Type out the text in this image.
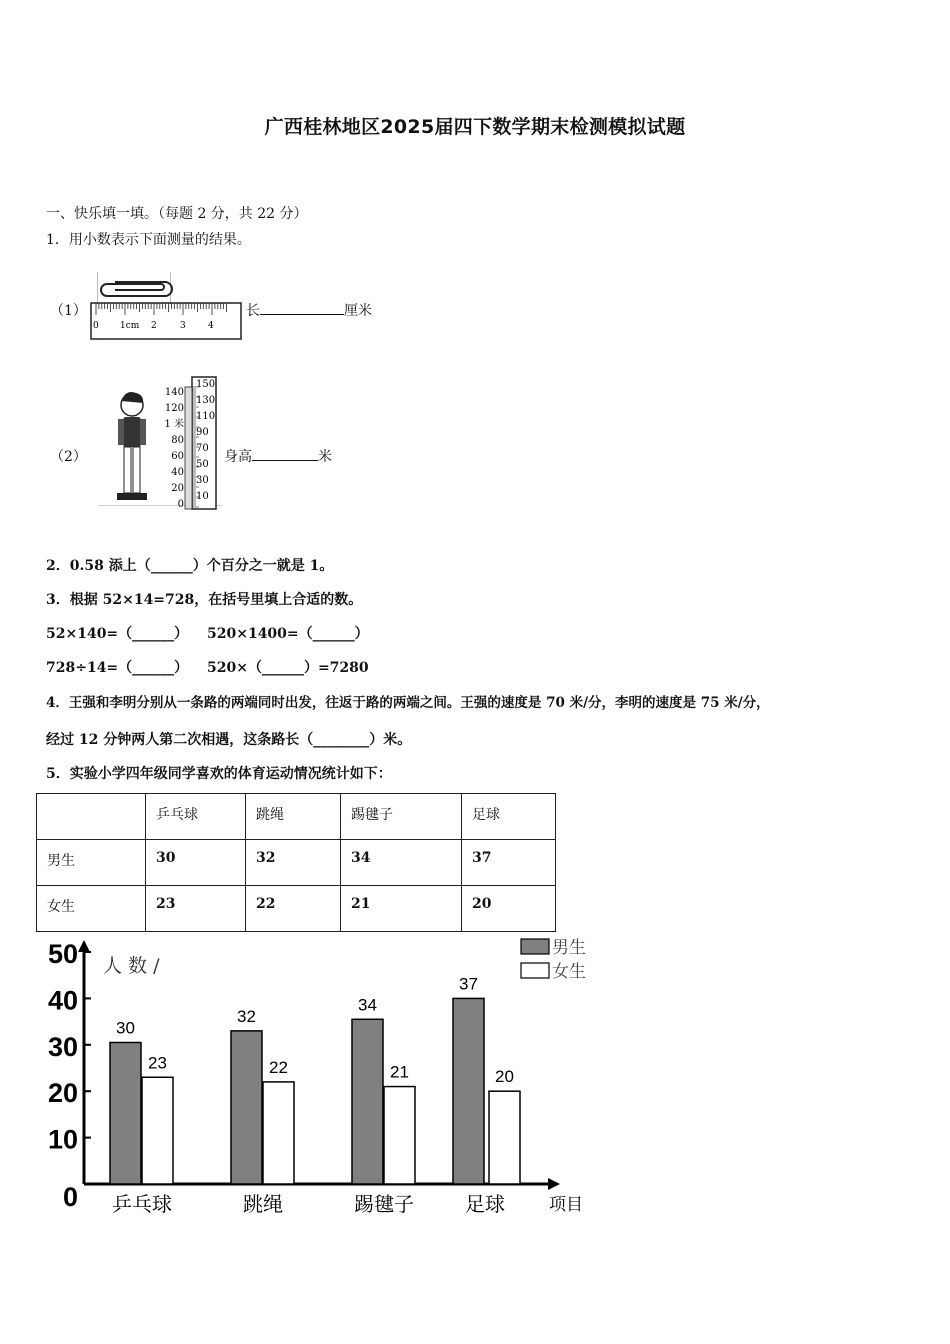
广西桂林地区2025届四下数学期末检测模拟试题
一、快乐填一填。（每题 2 分，共 22 分）
1．用小数表示下面测量的结果。
（1）
0 1cm 2	3 4
长	厘米
（2）
140
120
1 米
80
60
40
20
0
150
130
110
90
70
50
30
10
身高	米
2．0.58 添上（______）个百分之一就是 1。
3．根据 52×14=728，在括号里填上合适的数。
52×140=（______） 520×1400=（______）
728÷14=（______） 520×（______）=7280
4．王强和李明分别从一条路的两端同时出发，往返于路的两端之间。王强的速度是 70 米/分，李明的速度是 75 米/分，
经过 12 分钟两人第二次相遇，这条路长（________）米。
5．实验小学四年级同学喜欢的体育运动情况统计如下：
	乒乓球	跳绳	踢毽子	足球
男生	30	32	34	37
女生	23	22	21	20
0
10
20
30
40
50 人 数 /
30
23
乒乓球
32
22
跳绳
34
21
踢毽子
37
20
足球	项目
男生
女生
